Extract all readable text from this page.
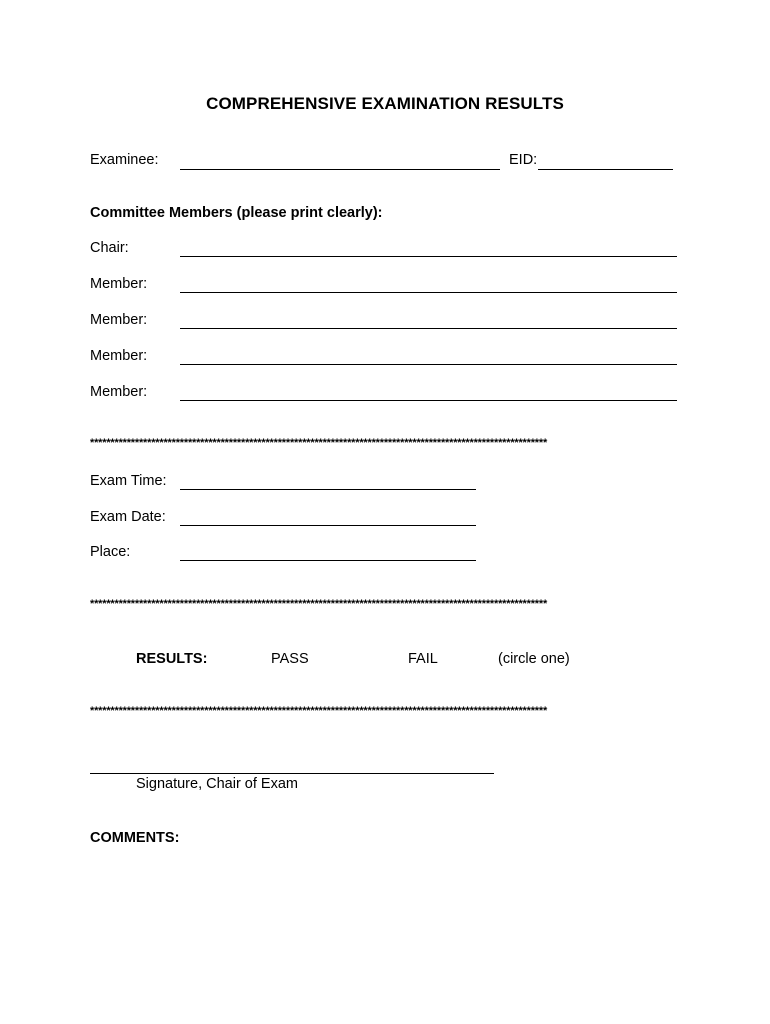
COMPREHENSIVE EXAMINATION RESULTS
Examinee:	EID:
Committee Members (please print clearly):
Chair:
Member:
Member:
Member:
Member:
****************************************************************************************************************
Exam Time:
Exam Date:
Place:
****************************************************************************************************************
RESULTS:	PASS	FAIL	(circle one)
****************************************************************************************************************
Signature, Chair of Exam
COMMENTS:
